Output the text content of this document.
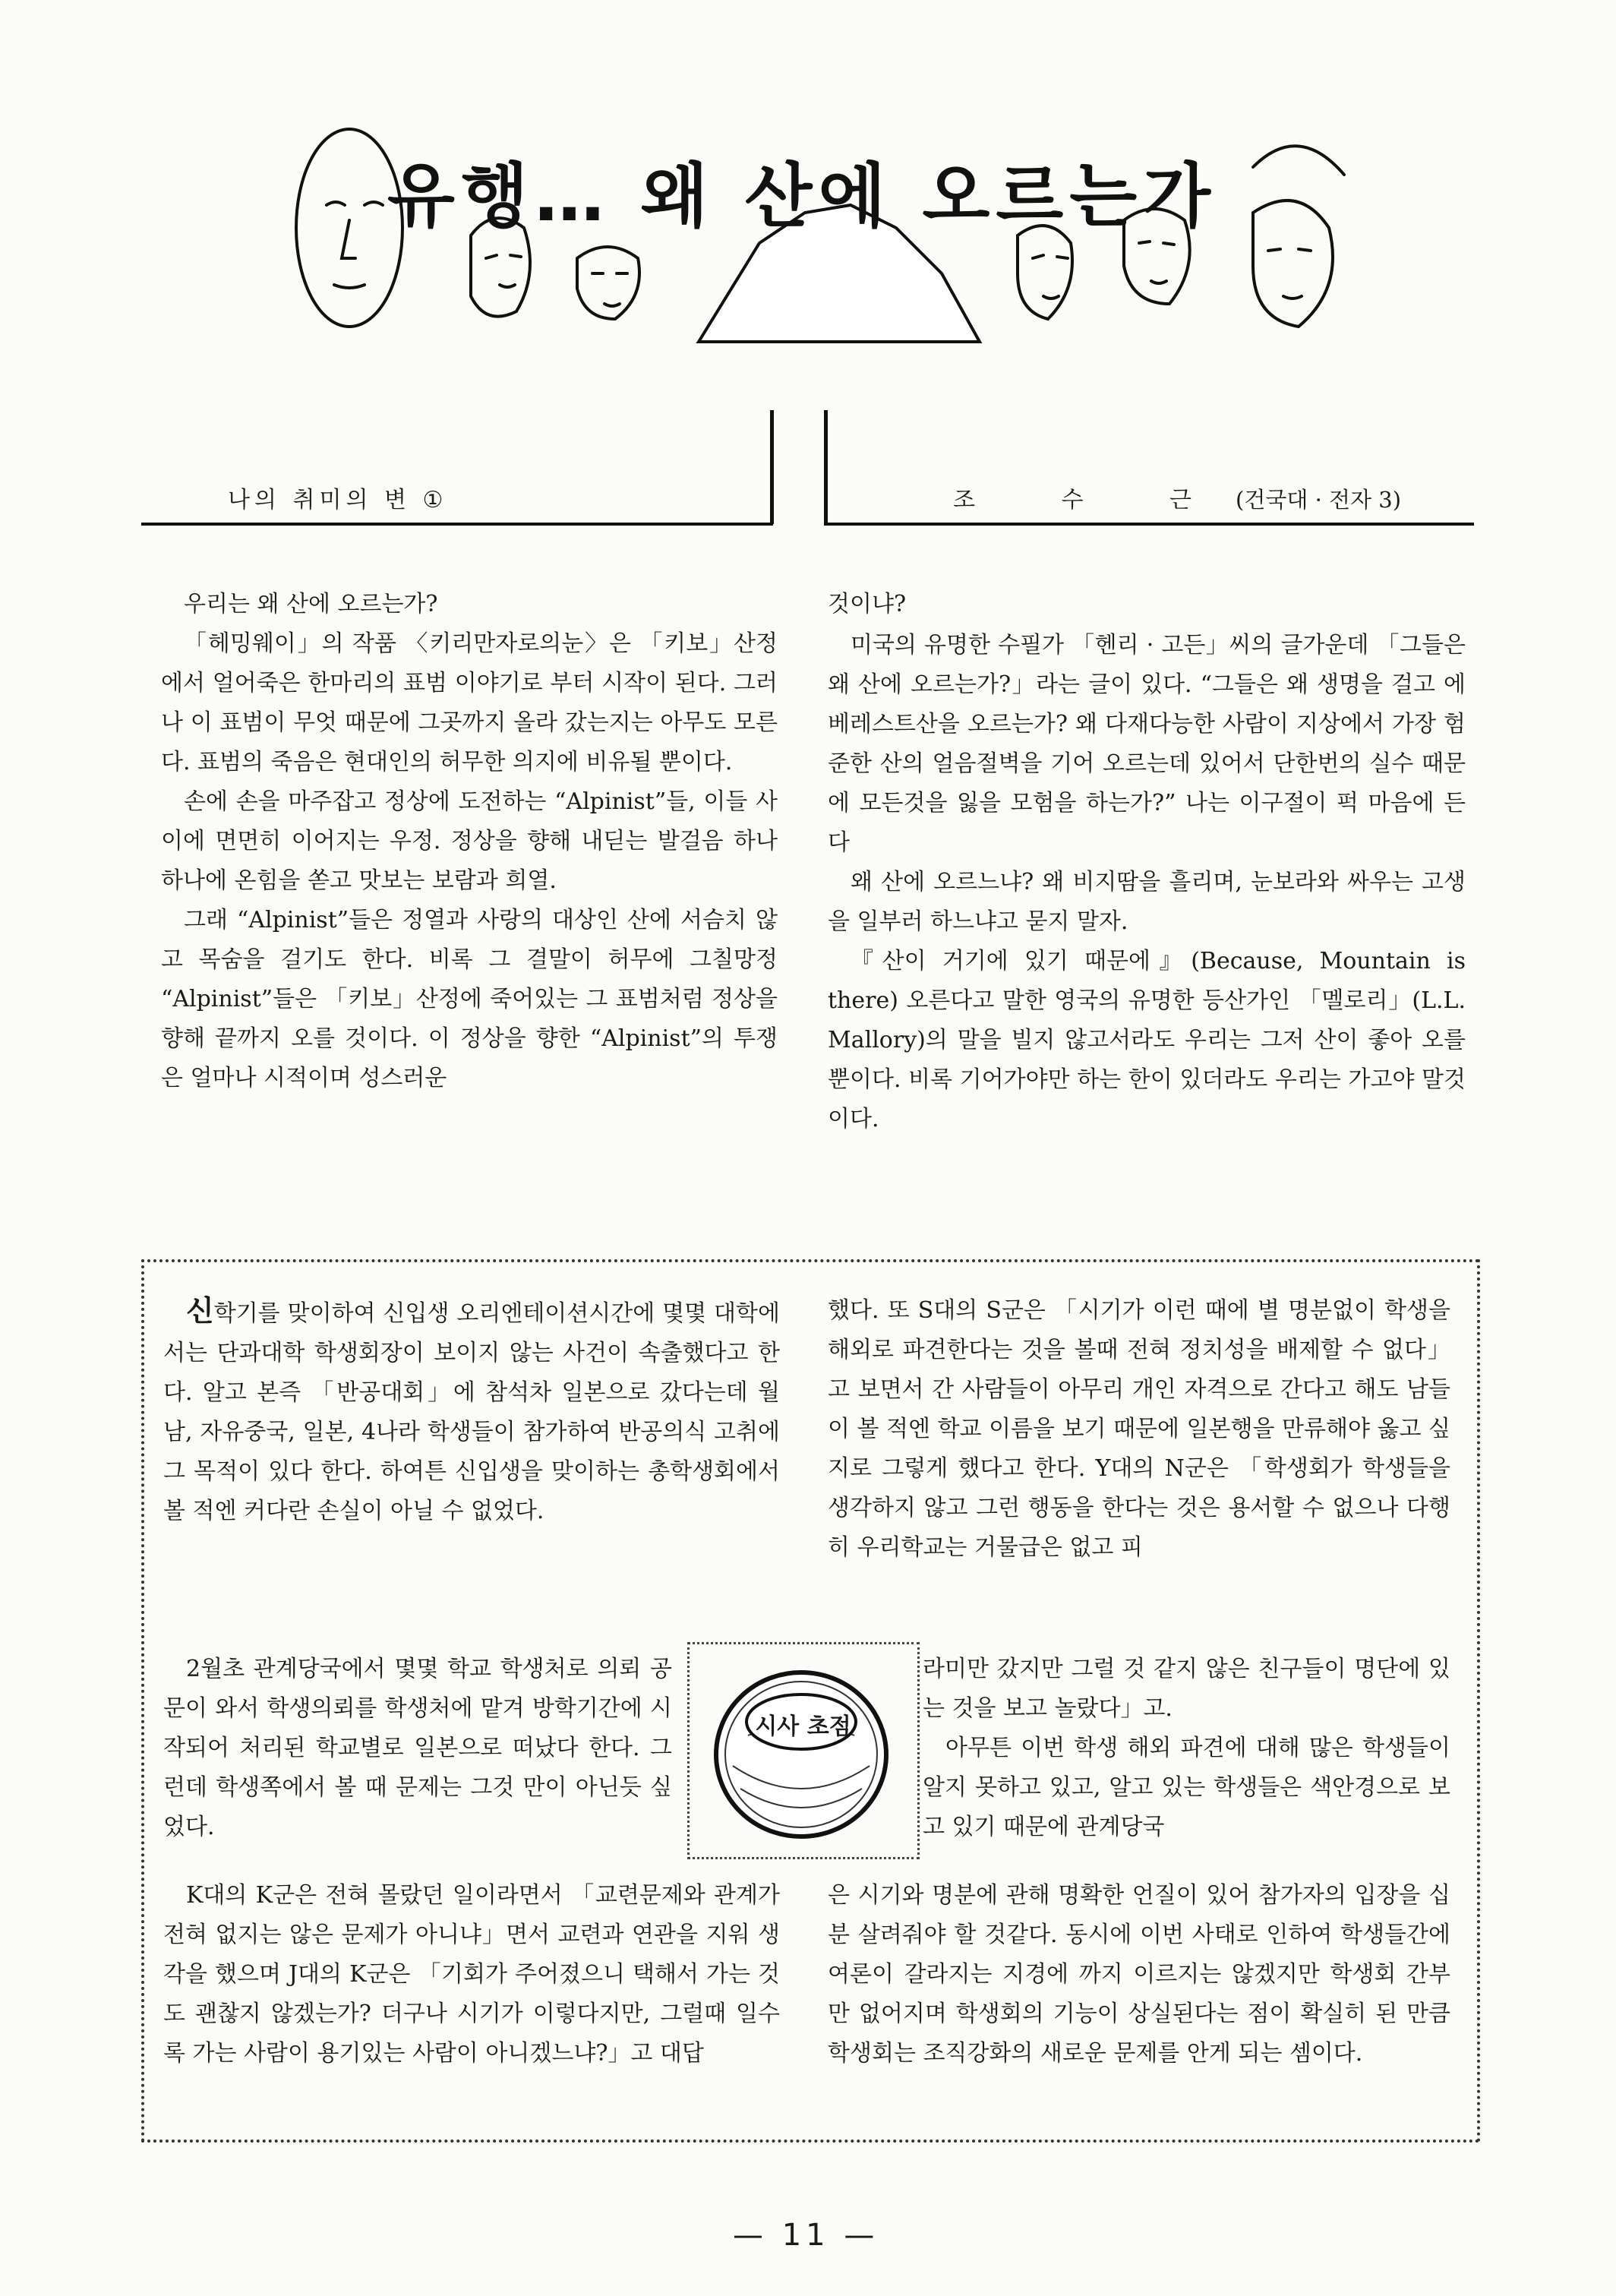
유행… 왜 산에 오르는가
나의 취미의 변 ①	조 수 근 (건국대 · 전자 3)

우리는 왜 산에 오르는가?

「헤밍웨이」의 작품 〈키리만자로의눈〉은 「키보」산정에서 얼어죽은 한마리의 표범 이야기로 부터 시작이 된다. 그러나 이 표범이 무엇 때문에 그곳까지 올라 갔는지는 아무도 모른다. 표범의 죽음은 현대인의 허무한 의지에 비유될 뿐이다.

손에 손을 마주잡고 정상에 도전하는 “Alpinist”들, 이들 사이에 면면히 이어지는 우정. 정상을 향해 내딛는 발걸음 하나 하나에 온힘을 쏟고 맛보는 보람과 희열.

그래 “Alpinist”들은 정열과 사랑의 대상인 산에 서슴치 않고 목숨을 걸기도 한다. 비록 그 결말이 허무에 그칠망정 “Alpinist”들은 「키보」산정에 죽어있는 그 표범처럼 정상을 향해 끝까지 오를 것이다. 이 정상을 향한 “Alpinist”의 투쟁은 얼마나 시적이며 성스러운

것이냐?

미국의 유명한 수필가 「헨리 · 고든」씨의 글가운데 「그들은 왜 산에 오르는가?」라는 글이 있다. “그들은 왜 생명을 걸고 에베레스트산을 오르는가? 왜 다재다능한 사람이 지상에서 가장 험준한 산의 얼음절벽을 기어 오르는데 있어서 단한번의 실수 때문에 모든것을 잃을 모험을 하는가?” 나는 이구절이 퍽 마음에 든다

왜 산에 오르느냐? 왜 비지땀을 흘리며, 눈보라와 싸우는 고생을 일부러 하느냐고 묻지 말자.

『산이 거기에 있기 때문에』(Because, Mountain is there) 오른다고 말한 영국의 유명한 등산가인 「멜로리」(L.L. Mallory)의 말을 빌지 않고서라도 우리는 그저 산이 좋아 오를 뿐이다. 비록 기어가야만 하는 한이 있더라도 우리는 가고야 말것이다.

신학기를 맞이하여 신입생 오리엔테이션시간에 몇몇 대학에서는 단과대학 학생회장이 보이지 않는 사건이 속출했다고 한다. 알고 본즉 「반공대회」에 참석차 일본으로 갔다는데 월남, 자유중국, 일본, 4나라 학생들이 참가하여 반공의식 고취에 그 목적이 있다 한다. 하여튼 신입생을 맞이하는 총학생회에서 볼 적엔 커다란 손실이 아닐 수 없었다.

2월초 관계당국에서 몇몇 학교 학생처로 의뢰 공문이 와서 학생의뢰를 학생처에 맡겨 방학기간에 시작되어 처리된 학교별로 일본으로 떠났다 한다. 그런데 학생쪽에서 볼 때 문제는 그것 만이 아닌듯 싶었다.

K대의 K군은 전혀 몰랐던 일이라면서 「교련문제와 관계가 전혀 없지는 않은 문제가 아니냐」면서 교련과 연관을 지워 생각을 했으며 J대의 K군은 「기회가 주어졌으니 택해서 가는 것도 괜찮지 않겠는가? 더구나 시기가 이렇다지만, 그럴때 일수록 가는 사람이 용기있는 사람이 아니겠느냐?」고 대답

했다. 또 S대의 S군은 「시기가 이런 때에 별 명분없이 학생을 해외로 파견한다는 것을 볼때 전혀 정치성을 배제할 수 없다」고 보면서 간 사람들이 아무리 개인 자격으로 간다고 해도 남들이 볼 적엔 학교 이름을 보기 때문에 일본행을 만류해야 옳고 싶지로 그렇게 했다고 한다. Y대의 N군은 「학생회가 학생들을 생각하지 않고 그런 행동을 한다는 것은 용서할 수 없으나 다행히 우리학교는 거물급은 없고 피

라미만 갔지만 그럴 것 같지 않은 친구들이 명단에 있는 것을 보고 놀랐다」고.

아무튼 이번 학생 해외 파견에 대해 많은 학생들이 알지 못하고 있고, 알고 있는 학생들은 색안경으로 보고 있기 때문에 관계당국

은 시기와 명분에 관해 명확한 언질이 있어 참가자의 입장을 십분 살려줘야 할 것같다. 동시에 이번 사태로 인하여 학생들간에 여론이 갈라지는 지경에 까지 이르지는 않겠지만 학생회 간부만 없어지며 학생회의 기능이 상실된다는 점이 확실히 된 만큼 학생회는 조직강화의 새로운 문제를 안게 되는 셈이다.

시사 초점
— 11 —
